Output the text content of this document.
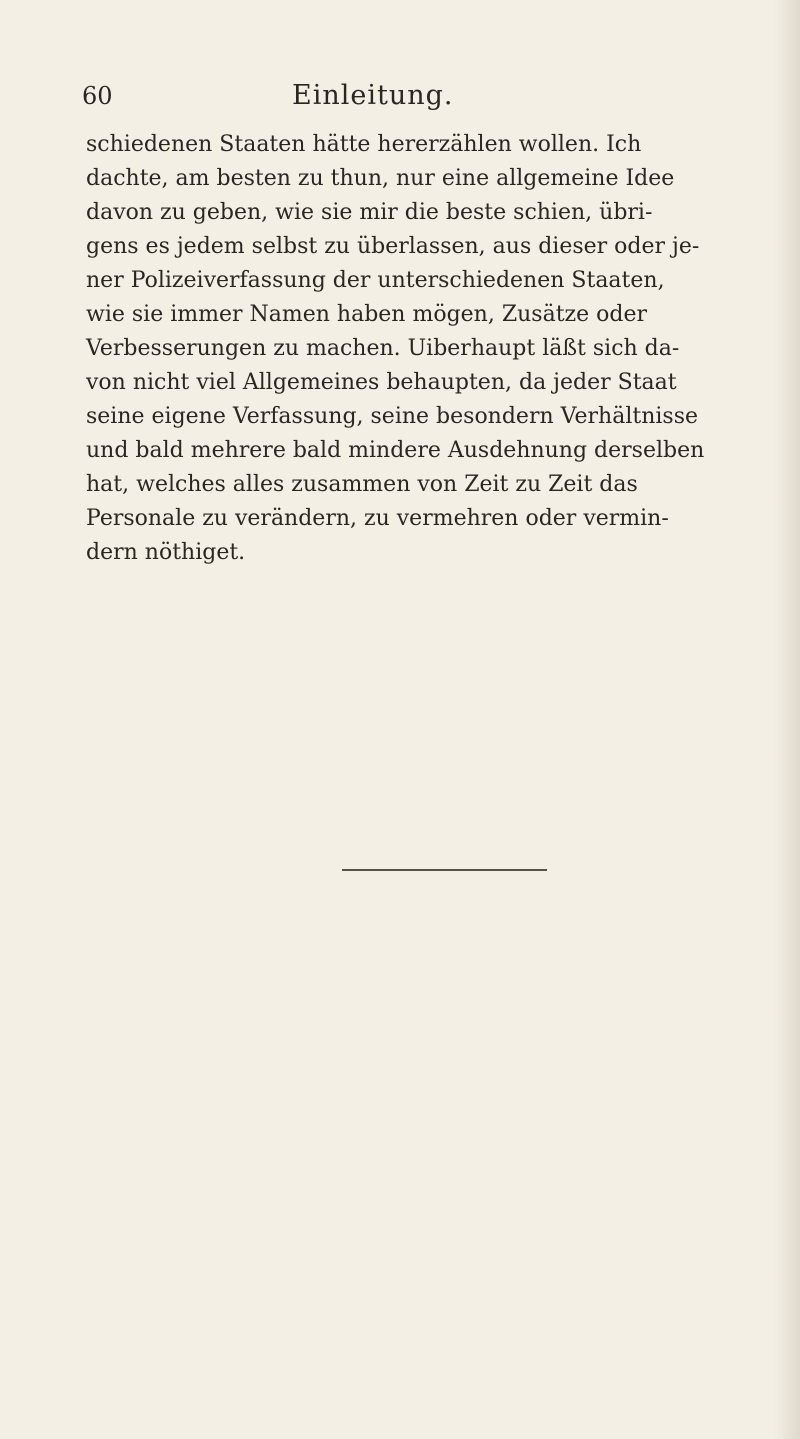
60	Einleitung.
schiedenen Staaten hätte hererzählen wollen. Ich
dachte, am besten zu thun, nur eine allgemeine Idee
davon zu geben, wie sie mir die beste schien, übri-
gens es jedem selbst zu überlassen, aus dieser oder je-
ner Polizeiverfassung der unterschiedenen Staaten,
wie sie immer Namen haben mögen, Zusätze oder
Verbesserungen zu machen. Uiberhaupt läßt sich da-
von nicht viel Allgemeines behaupten, da jeder Staat
seine eigene Verfassung, seine besondern Verhältnisse
und bald mehrere bald mindere Ausdehnung derselben
hat, welches alles zusammen von Zeit zu Zeit das
Personale zu verändern, zu vermehren oder vermin-
dern nöthiget.
